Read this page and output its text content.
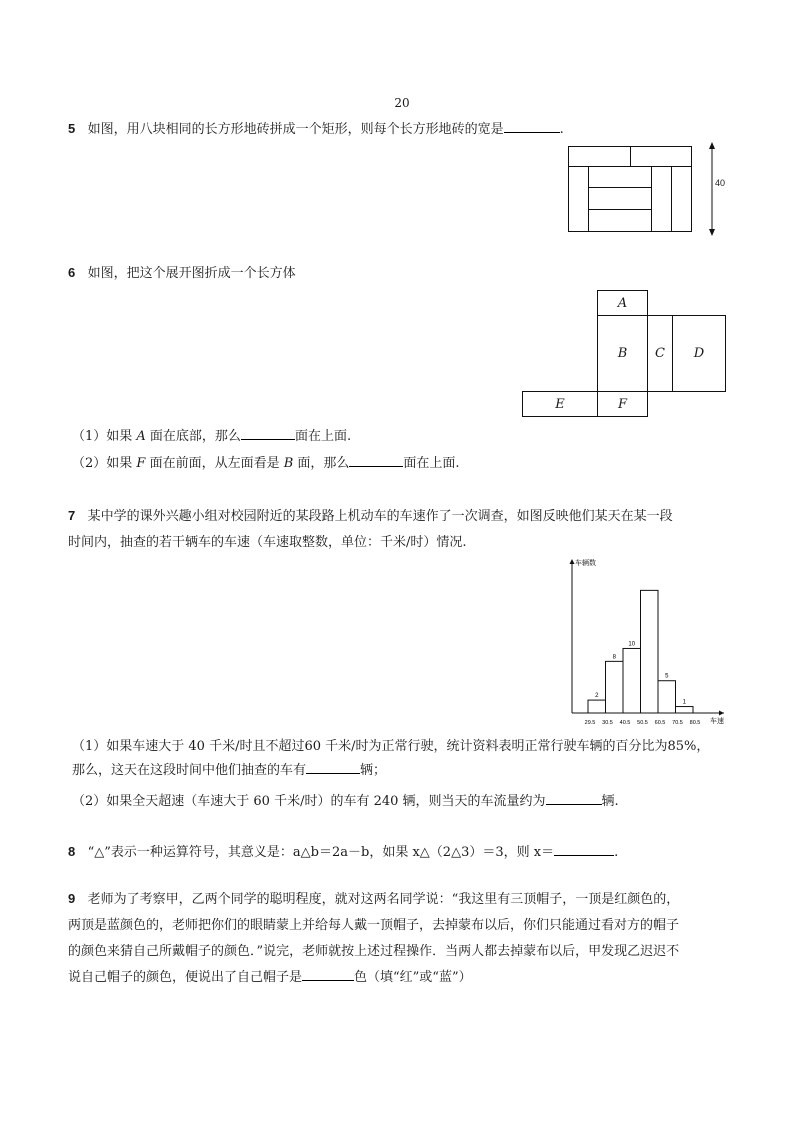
20
5 如图，用八块相同的长方形地砖拼成一个矩形，则每个长方形地砖的宽是	.
40
6 如图，把这个展开图折成一个长方体
A
B	C	D
E	F
（1）如果 A 面在底部，那么	面在上面.
（2）如果 F 面在前面，从左面看是 B 面，那么	面在上面.
7 某中学的课外兴趣小组对校园附近的某段路上机动车的车速作了一次调查，如图反映他们某天在某一段
时间内，抽查的若干辆车的车速（车速取整数，单位：千米/时）情况.
2
8
10
5
1
29.5 30.5 40.5 50.5 60.5 70.5 80.5
车辆数
车速
（1）如果车速大于 40 千米/时且不超过60 千米/时为正常行驶，统计资料表明正常行驶车辆的百分比为85%，
那么，这天在这段时间中他们抽查的车有	辆；
（2）如果全天超速（车速大于 60 千米/时）的车有 240 辆，则当天的车流量约为	辆.
8 “△”表示一种运算符号，其意义是：a△b＝2a－b，如果 x△（2△3）＝3，则 x＝	.
9 老师为了考察甲，乙两个同学的聪明程度，就对这两名同学说：“我这里有三顶帽子，一顶是红颜色的，
两顶是蓝颜色的，老师把你们的眼睛蒙上并给每人戴一顶帽子，去掉蒙布以后，你们只能通过看对方的帽子
的颜色来猜自己所戴帽子的颜色．”说完，老师就按上述过程操作．当两人都去掉蒙布以后，甲发现乙迟迟不
说自己帽子的颜色，便说出了自己帽子是	色（填“红”或“蓝”）
